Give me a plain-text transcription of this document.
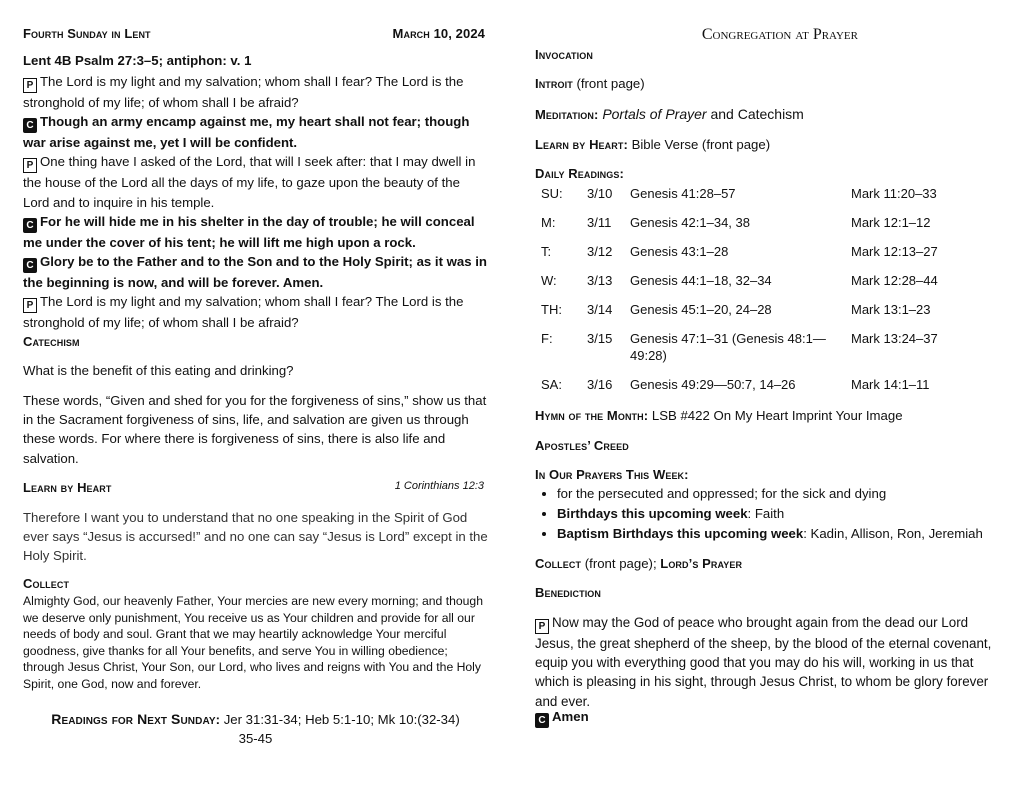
Fourth Sunday in Lent	March 10, 2024
Lent 4B Psalm 27:3–5; antiphon: v. 1
P The Lord is my light and my salvation; whom shall I fear? The Lord is the stronghold of my life; of whom shall I be afraid?
C Though an army encamp against me, my heart shall not fear; though war arise against me, yet I will be confident.
P One thing have I asked of the Lord, that will I seek after: that I may dwell in the house of the Lord all the days of my life, to gaze upon the beauty of the Lord and to inquire in his temple.
C For he will hide me in his shelter in the day of trouble; he will conceal me under the cover of his tent; he will lift me high upon a rock.
C Glory be to the Father and to the Son and to the Holy Spirit; as it was in the beginning is now, and will be forever. Amen.
P The Lord is my light and my salvation; whom shall I fear? The Lord is the stronghold of my life; of whom shall I be afraid?
Catechism
What is the benefit of this eating and drinking?
These words, “Given and shed for you for the forgiveness of sins,” show us that in the Sacrament forgiveness of sins, life, and salvation are given us through these words. For where there is forgiveness of sins, there is also life and salvation.
Learn by Heart	1 Corinthians 12:3
Therefore I want you to understand that no one speaking in the Spirit of God ever says “Jesus is accursed!” and no one can say “Jesus is Lord” except in the Holy Spirit.
Collect
Almighty God, our heavenly Father, Your mercies are new every morning; and though we deserve only punishment, You receive us as Your children and provide for all our needs of body and soul. Grant that we may heartily acknowledge Your merciful goodness, give thanks for all Your benefits, and serve You in willing obedience; through Jesus Christ, Your Son, our Lord, who lives and reigns with You and the Holy Spirit, one God, now and forever.
Readings for Next Sunday: Jer 31:31-34; Heb 5:1-10; Mk 10:(32-34)
35-45
Congregation at Prayer
Invocation
Introit (front page)
Meditation: Portals of Prayer and Catechism
Learn by Heart: Bible Verse (front page)
Daily Readings:
SU:	3/10	Genesis 41:28–57	Mark 11:20–33
M:	3/11	Genesis 42:1–34, 38	Mark 12:1–12
T:	3/12	Genesis 43:1–28	Mark 12:13–27
W:	3/13	Genesis 44:1–18, 32–34	Mark 12:28–44
TH:	3/14	Genesis 45:1–20, 24–28	Mark 13:1–23
F:	3/15	Genesis 47:1–31 (Genesis 48:1—49:28)	Mark 13:24–37
SA:	3/16	Genesis 49:29—50:7, 14–26	Mark 14:1–11
Hymn of the Month: LSB #422 On My Heart Imprint Your Image
Apostles’ Creed
In Our Prayers This Week:
• for the persecuted and oppressed; for the sick and dying
• Birthdays this upcoming week: Faith
• Baptism Birthdays this upcoming week: Kadin, Allison, Ron, Jeremiah
Collect (front page); Lord’s Prayer
Benediction
P Now may the God of peace who brought again from the dead our Lord Jesus, the great shepherd of the sheep, by the blood of the eternal covenant, equip you with everything good that you may do his will, working in us that which is pleasing in his sight, through Jesus Christ, to whom be glory forever and ever.
C Amen
